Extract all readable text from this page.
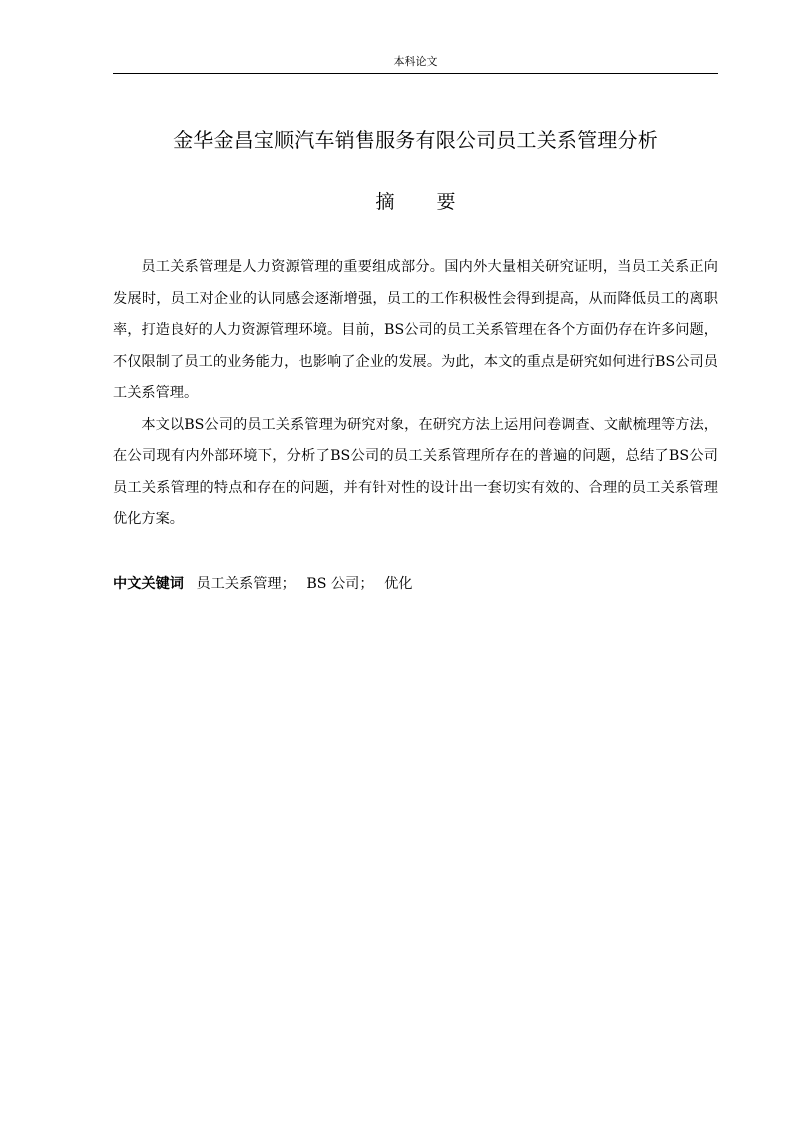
本科论文
金华金昌宝顺汽车销售服务有限公司员工关系管理分析
摘 要

员工关系管理是人力资源管理的重要组成部分。国内外大量相关研究证明，当员工关系正向发展时，员工对企业的认同感会逐渐增强，员工的工作积极性会得到提高，从而降低员工的离职率，打造良好的人力资源管理环境。目前，BS公司的员工关系管理在各个方面仍存在许多问题，不仅限制了员工的业务能力，也影响了企业的发展。为此，本文的重点是研究如何进行BS公司员工关系管理。

本文以BS公司的员工关系管理为研究对象，在研究方法上运用问卷调查、文献梳理等方法，在公司现有内外部环境下，分析了BS公司的员工关系管理所存在的普遍的问题，总结了BS公司员工关系管理的特点和存在的问题，并有针对性的设计出一套切实有效的、合理的员工关系管理优化方案。

中文关键词 员工关系管理； BS 公司； 优化
